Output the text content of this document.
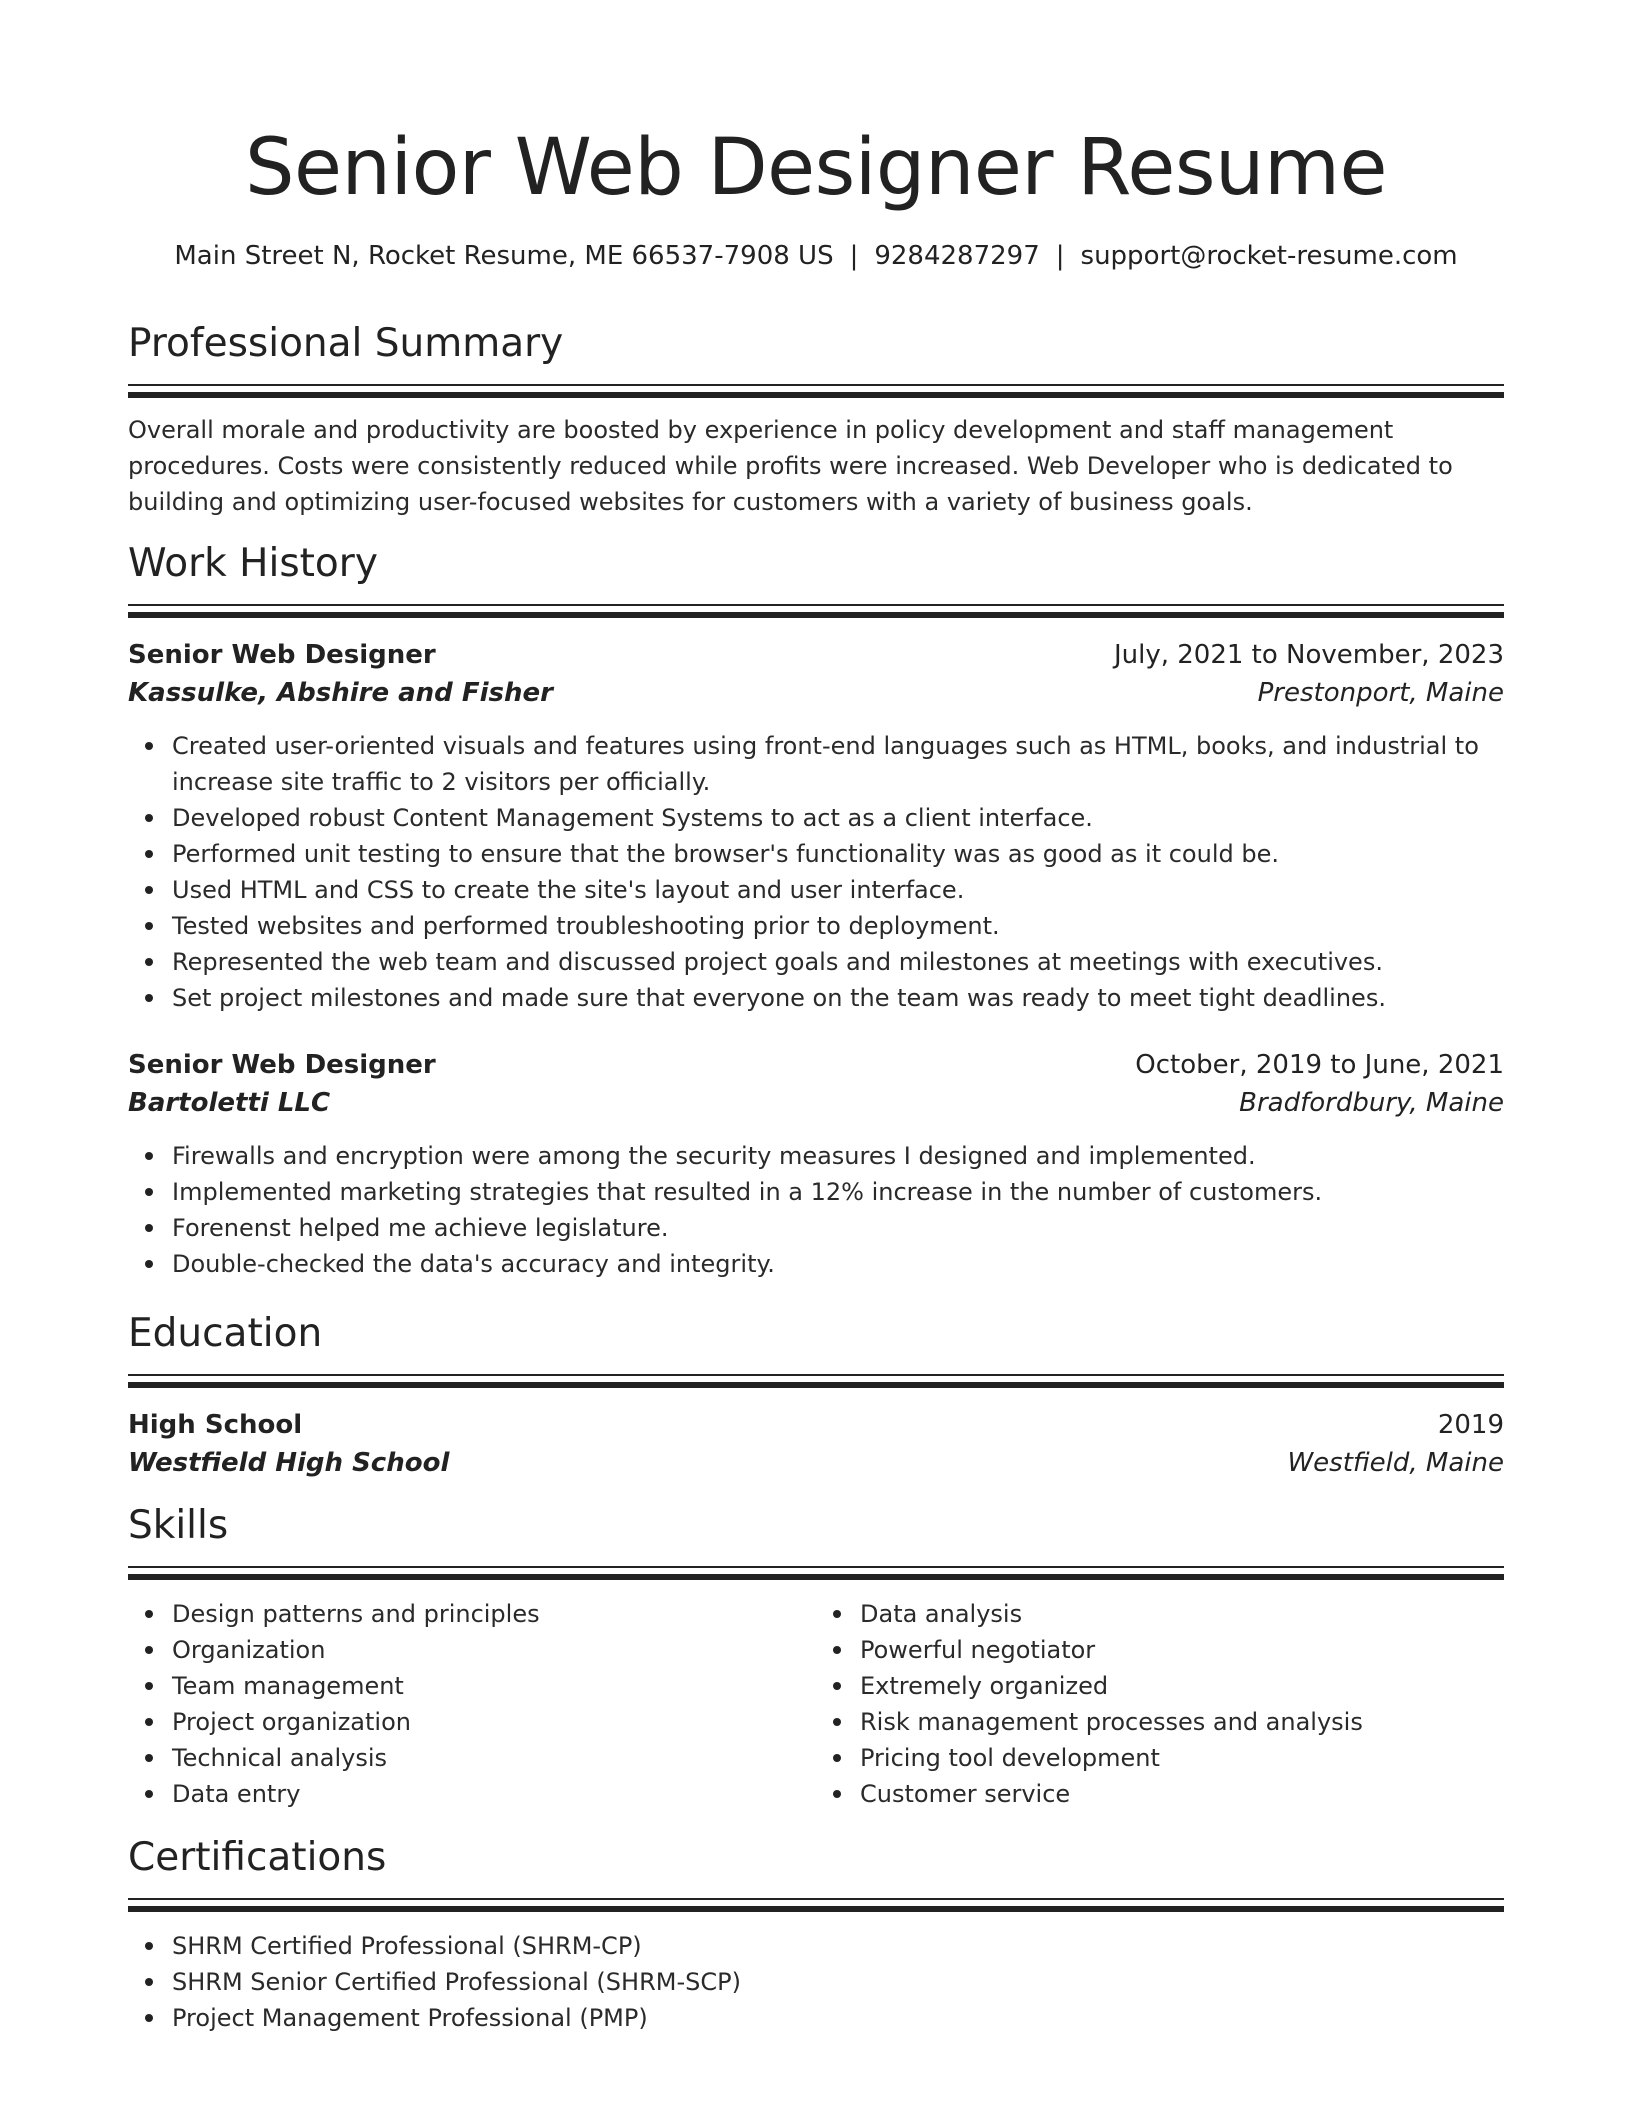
Senior Web Designer Resume
Main Street N, Rocket Resume, ME 66537-7908 US | 9284287297 | support@rocket-resume.com
Professional Summary

Overall morale and productivity are boosted by experience in policy development and staff management procedures. Costs were consistently reduced while profits were increased. Web Developer who is dedicated to building and optimizing user-focused websites for customers with a variety of business goals.

Work History
Senior Web Designer	July, 2021 to November, 2023
Kassulke, Abshire and Fisher	Prestonport, Maine
Created user-oriented visuals and features using front-end languages such as HTML, books, and industrial to increase site traffic to 2 visitors per officially.
Developed robust Content Management Systems to act as a client interface.
Performed unit testing to ensure that the browser's functionality was as good as it could be.
Used HTML and CSS to create the site's layout and user interface.
Tested websites and performed troubleshooting prior to deployment.
Represented the web team and discussed project goals and milestones at meetings with executives.
Set project milestones and made sure that everyone on the team was ready to meet tight deadlines.
Senior Web Designer	October, 2019 to June, 2021
Bartoletti LLC	Bradfordbury, Maine
Firewalls and encryption were among the security measures I designed and implemented.
Implemented marketing strategies that resulted in a 12% increase in the number of customers.
Forenenst helped me achieve legislature.
Double-checked the data's accuracy and integrity.
Education
High School	2019
Westfield High School	Westfield, Maine
Skills
Design patterns and principles
Organization
Team management
Project organization
Technical analysis
Data entry
Data analysis
Powerful negotiator
Extremely organized
Risk management processes and analysis
Pricing tool development
Customer service
Certifications
SHRM Certified Professional (SHRM-CP)
SHRM Senior Certified Professional (SHRM-SCP)
Project Management Professional (PMP)
